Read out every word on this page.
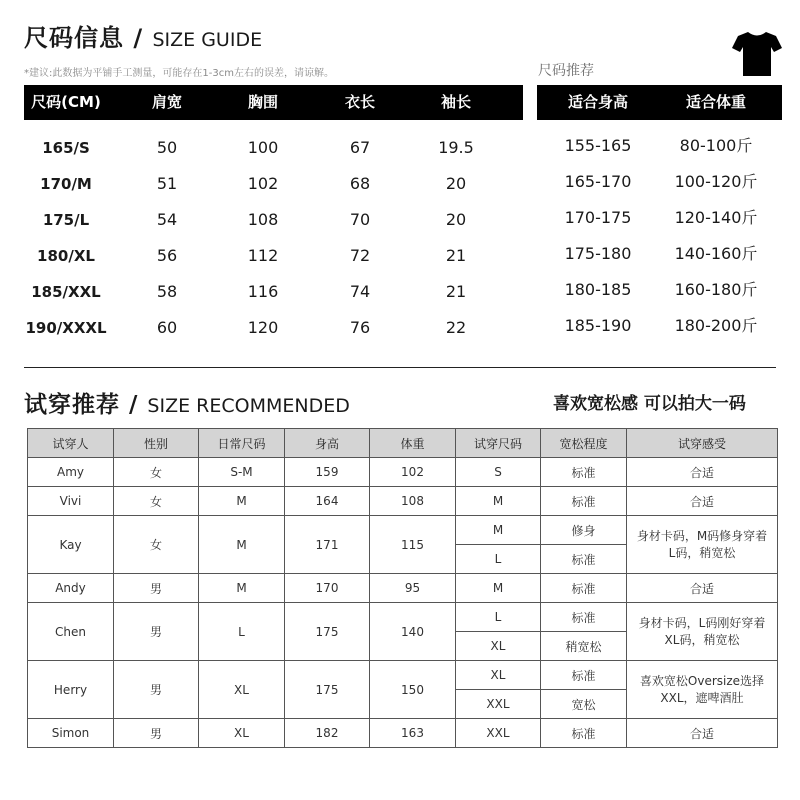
尺码信息 / SIZE GUIDE
*建议:此数据为平铺手工测量，可能存在1-3cm左右的误差，请谅解。	尺码推荐
尺码(CM)	肩宽	胸围	衣长	袖长	适合身高	适合体重
165/S	50	100	67	19.5
170/M	51	102	68	20
175/L	54	108	70	20
180/XL	56	112	72	21
185/XXL	58	116	74	21
190/XXXL	60	120	76	22
155-165	80-100斤
165-170	100-120斤
170-175	120-140斤
175-180	140-160斤
180-185	160-180斤
185-190	180-200斤
试穿推荐 / SIZE RECOMMENDED	喜欢宽松感 可以拍大一码
试穿人	性别	日常尺码	身高	体重	试穿尺码	宽松程度	试穿感受
Amy	女	S-M	159	102	S	标准	合适
Vivi	女	M	164	108	M	标准	合适
Kay	女	M	171	115	M	修身	身材卡码，M码修身穿着L码，稍宽松
					L	标准	
Andy	男	M	170	95	M	标准	合适
Chen	男	L	175	140	L	标准	身材卡码，L码刚好穿着XL码，稍宽松
					XL	稍宽松	
Herry	男	XL	175	150	XL	标准	喜欢宽松Oversize选择XXL，遮啤酒肚
					XXL	宽松	
Simon	男	XL	182	163	XXL	标准	合适
